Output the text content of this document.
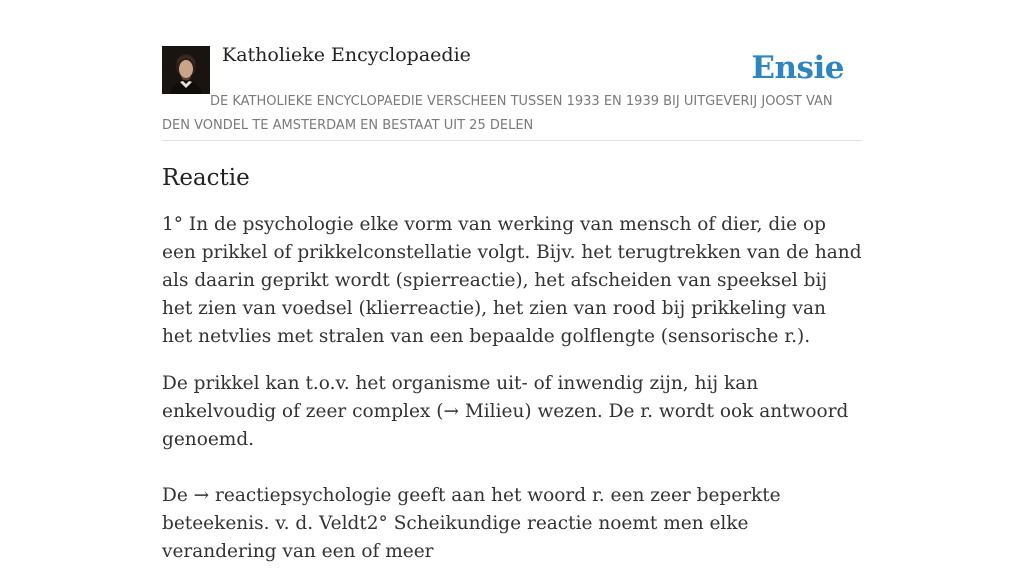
Katholieke Encyclopaedie	Ensie
DE KATHOLIEKE ENCYCLOPAEDIE VERSCHEEN TUSSEN 1933 EN 1939 BIJ UITGEVERIJ JOOST VAN DEN VONDEL TE AMSTERDAM EN BESTAAT UIT 25 DELEN
Reactie

1° In de psychologie elke vorm van werking van mensch of dier, die op een prikkel of prikkelconstellatie volgt. Bijv. het terugtrekken van de hand als daarin geprikt wordt (spierreactie), het afscheiden van speeksel bij het zien van voedsel (klierreactie), het zien van rood bij prikkeling van het netvlies met stralen van een bepaalde golflengte (sensorische r.).

De prikkel kan t.o.v. het organisme uit- of inwendig zijn, hij kan enkelvoudig of zeer complex (→ Milieu) wezen. De r. wordt ook antwoord genoemd.

De → reactiepsychologie geeft aan het woord r. een zeer beperkte beteekenis. v. d. Veldt2° Scheikundige reactie noemt men elke verandering van een of meer
